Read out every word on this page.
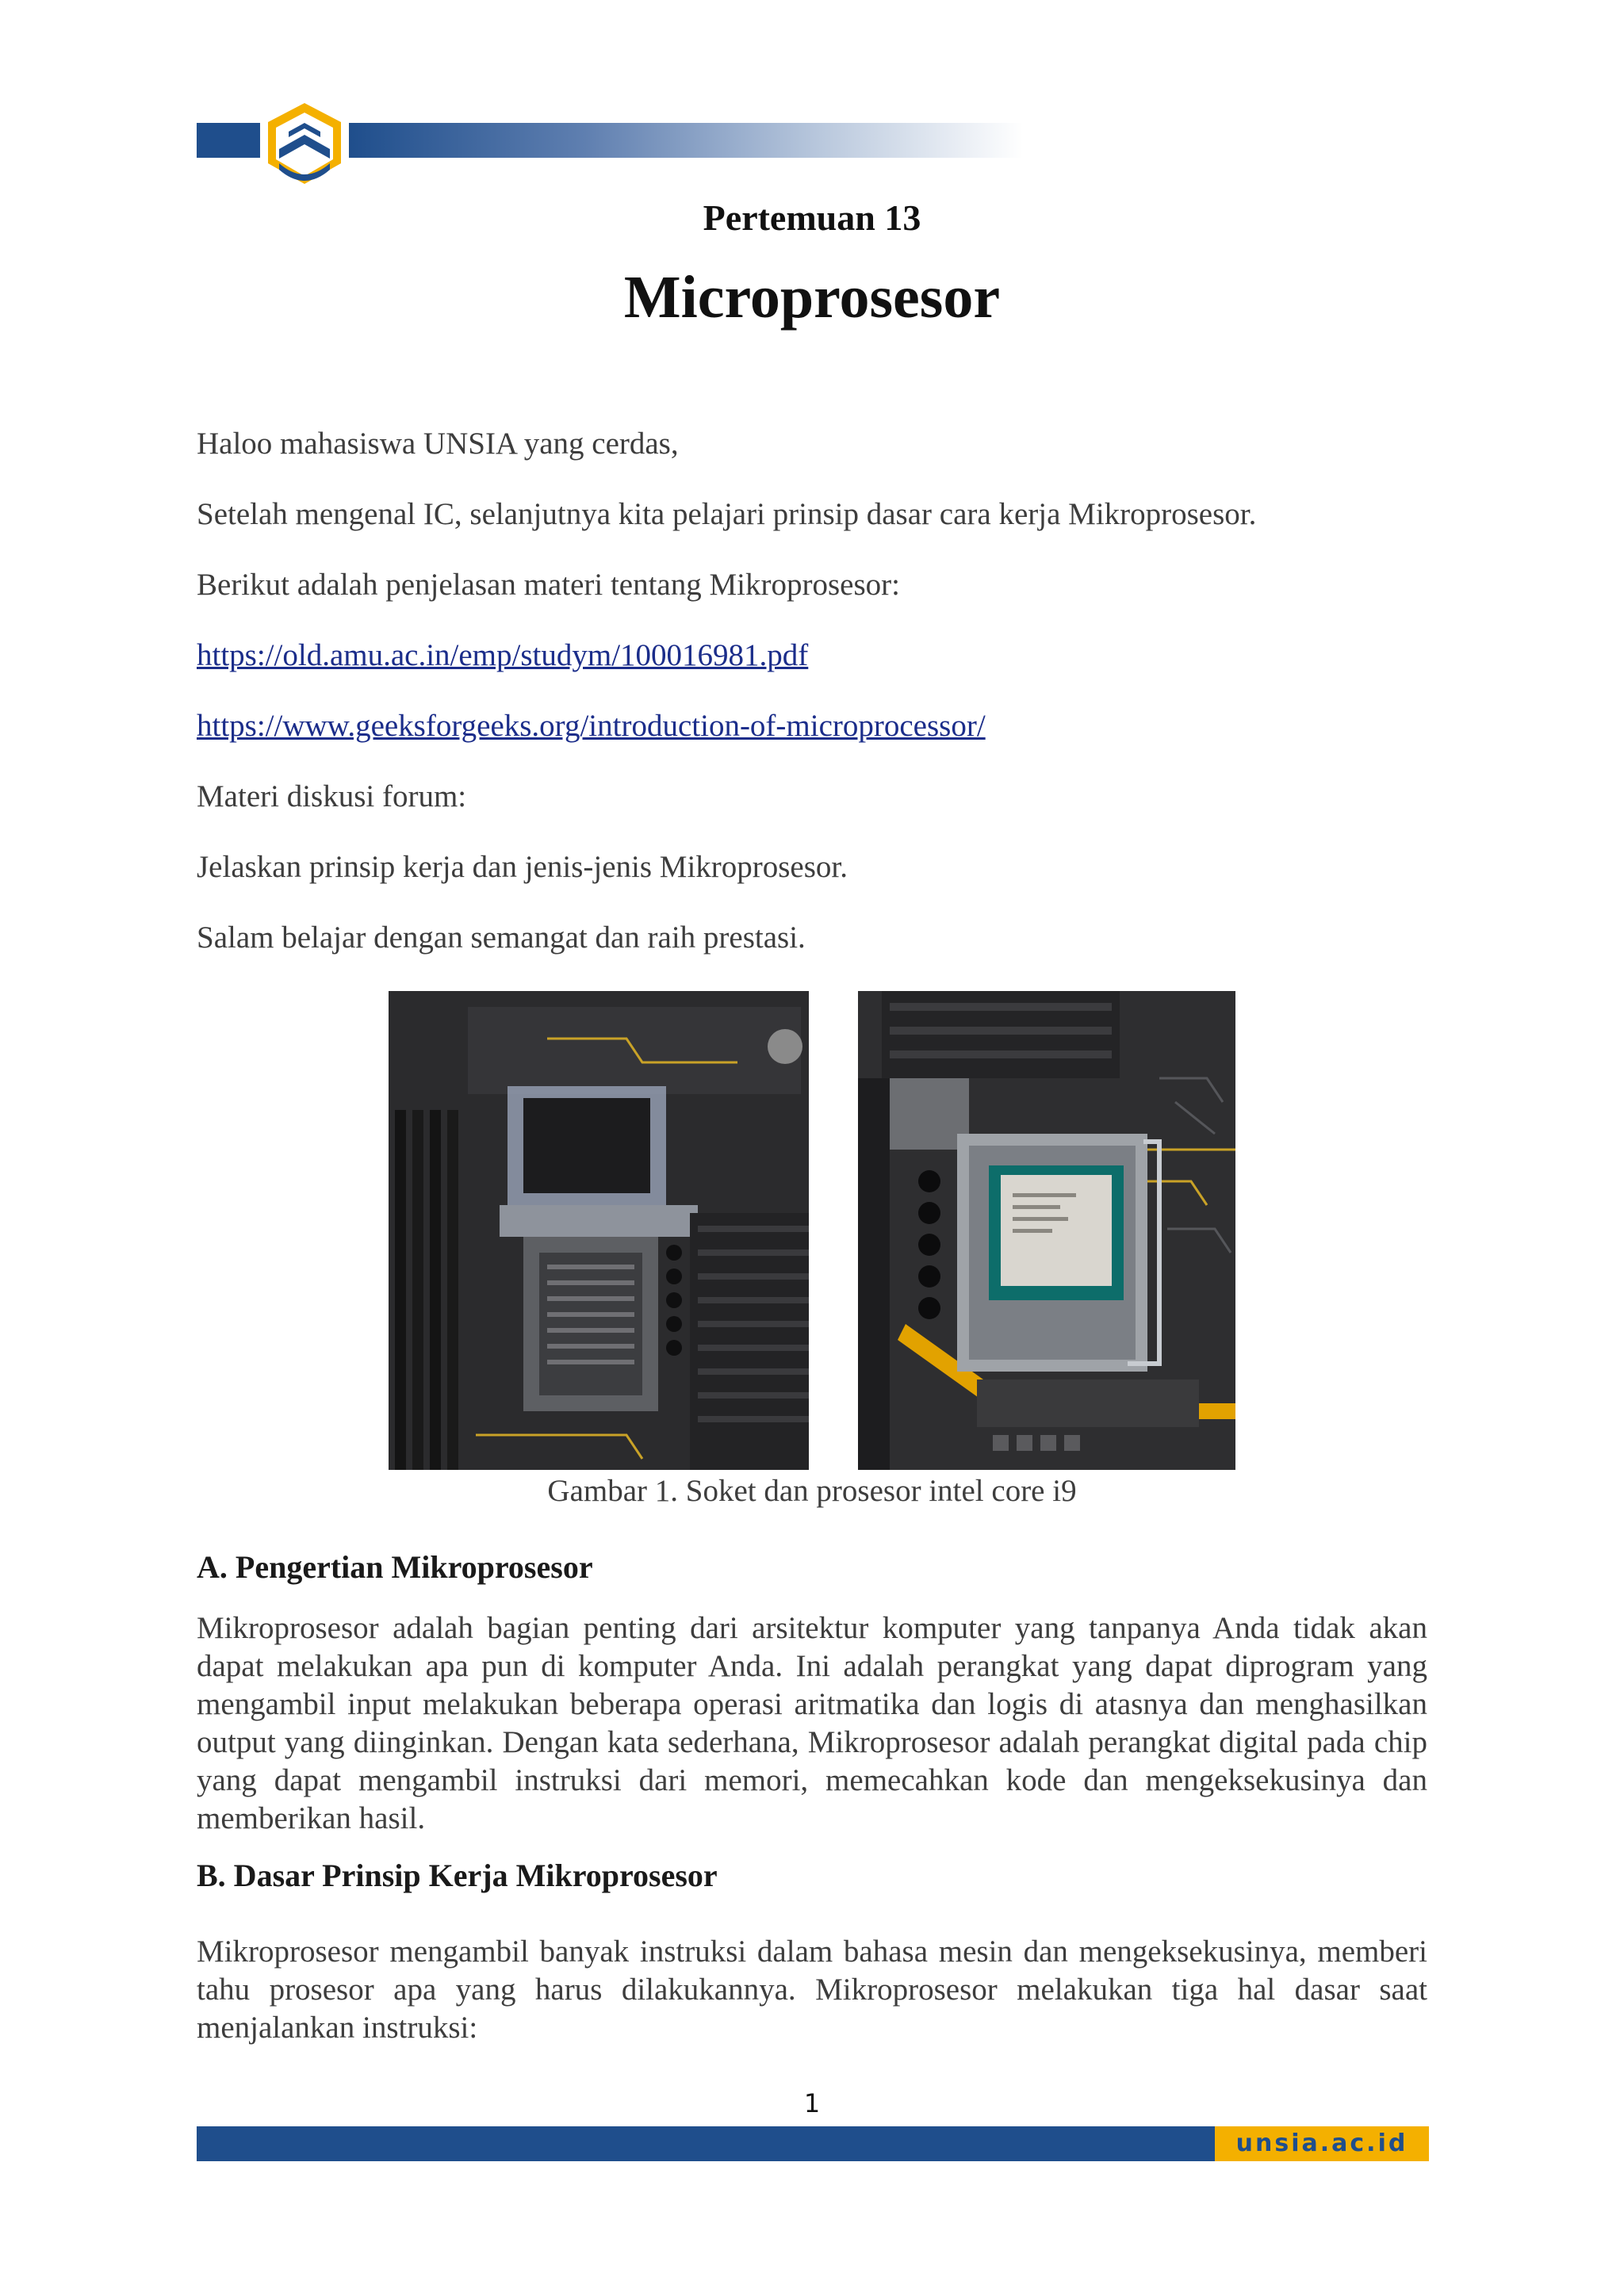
Pertemuan 13
Microprosesor
Haloo mahasiswa UNSIA yang cerdas,
Setelah mengenal IC, selanjutnya kita pelajari prinsip dasar cara kerja Mikroprosesor.
Berikut adalah penjelasan materi tentang Mikroprosesor:
https://old.amu.ac.in/emp/studym/100016981.pdf
https://www.geeksforgeeks.org/introduction-of-microprocessor/
Materi diskusi forum:
Jelaskan prinsip kerja dan jenis-jenis Mikroprosesor.
Salam belajar dengan semangat dan raih prestasi.
Gambar 1. Soket dan prosesor intel core i9
A. Pengertian Mikroprosesor
Mikroprosesor adalah bagian penting dari arsitektur komputer yang tanpanya Anda tidak akan dapat melakukan apa pun di komputer Anda. Ini adalah perangkat yang dapat diprogram yang mengambil input melakukan beberapa operasi aritmatika dan logis di atasnya dan menghasilkan output yang diinginkan. Dengan kata sederhana, Mikroprosesor adalah perangkat digital pada chip yang dapat mengambil instruksi dari memori, memecahkan kode dan mengeksekusinya dan memberikan hasil.
B. Dasar Prinsip Kerja Mikroprosesor
Mikroprosesor mengambil banyak instruksi dalam bahasa mesin dan mengeksekusinya, memberi tahu prosesor apa yang harus dilakukannya. Mikroprosesor melakukan tiga hal dasar saat menjalankan instruksi:
1
unsia.ac.id
